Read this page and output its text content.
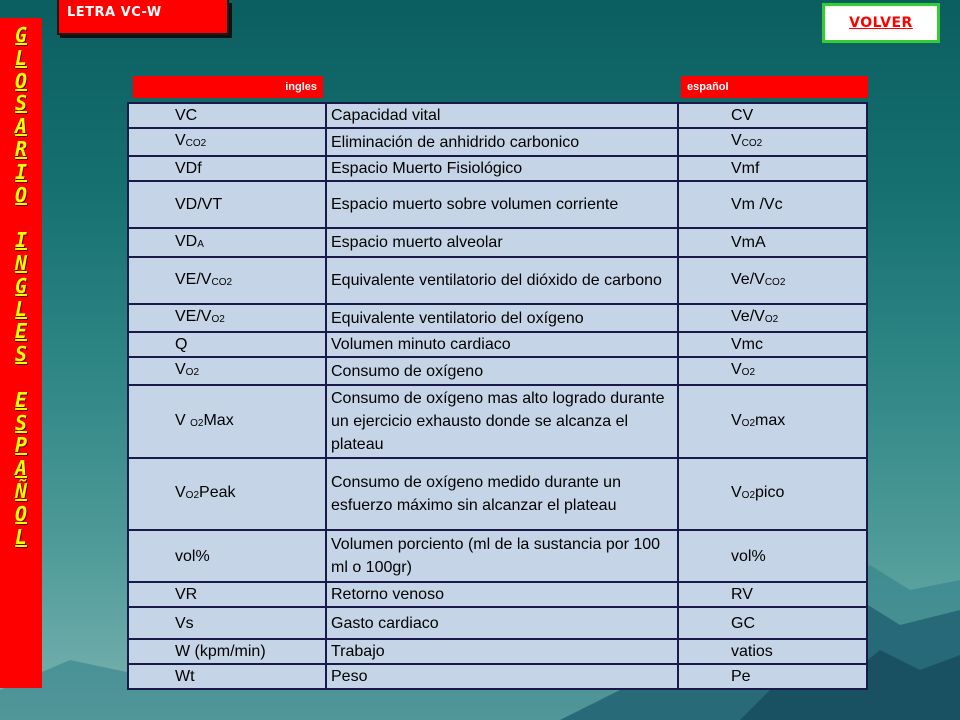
LETRA VC-W
VOLVER
G
L
O
S
A
R
I
O
I
N
G
L
E
S
E
S
P
A
Ñ
O
L
ingles	español
VC	Capacidad vital	CV
$V_{CO2}$	Eliminación de anhidrido carbonico	$V_{CO2}$
VDf	Espacio Muerto Fisiológico	Vmf
VD/VT	Espacio muerto sobre volumen corriente	Vm /Vc
$VD_A$	Espacio muerto alveolar	VmA
$VE/V_{CO2}$	Equivalente ventilatorio del dióxido de carbono	$Ve/V_{CO2}$
$VE/V_{O2}$	Equivalente ventilatorio del oxígeno	$Ve/V_{O2}$
Q	Volumen minuto cardiaco	Vmc
$V_{O2}$	Consumo de oxígeno	$V_{O2}$
V $_{O2}$Max	Consumo de oxígeno mas alto logrado durante un ejercicio exhausto donde se alcanza el plateau	$V_{O2}\max$
$V_{O2}Peak$	Consumo de oxígeno medido durante un esfuerzo máximo sin alcanzar el plateau	$V_{O2}pico$
vol%	Volumen porciento (ml de la sustancia por 100 ml o 100gr)	vol%
VR	Retorno venoso	RV
Vs	Gasto cardiaco	GC
W (kpm/min)	Trabajo	vatios
Wt	Peso	Pe
